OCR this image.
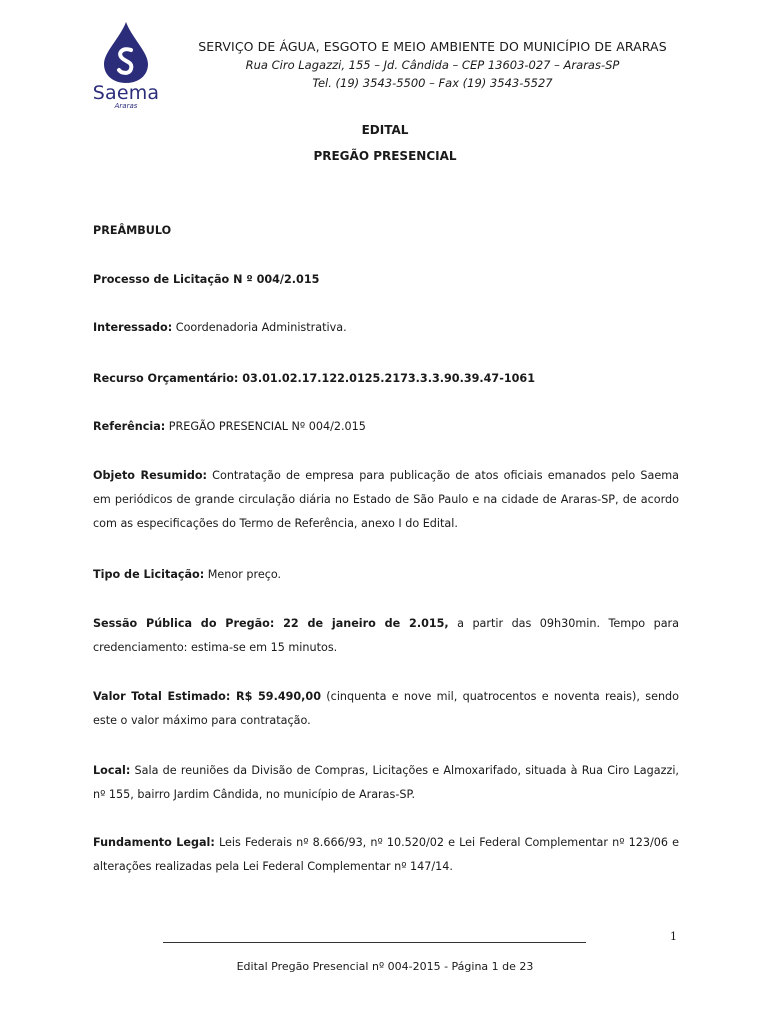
Saema
Araras
SERVIÇO DE ÁGUA, ESGOTO E MEIO AMBIENTE DO MUNICÍPIO DE ARARAS
Rua Ciro Lagazzi, 155 – Jd. Cândida – CEP 13603-027 – Araras-SP
Tel. (19) 3543-5500 – Fax (19) 3543-5527
EDITAL
PREGÃO PRESENCIAL
PREÂMBULO
Processo de Licitação N º 004/2.015
Interessado: Coordenadoria Administrativa.
Recurso Orçamentário: 03.01.02.17.122.0125.2173.3.3.90.39.47-1061
Referência: PREGÃO PRESENCIAL Nº 004/2.015
Objeto Resumido: Contratação de empresa para publicação de atos oficiais emanados pelo Saema em periódicos de grande circulação diária no Estado de São Paulo e na cidade de Araras-SP, de acordo com as especificações do Termo de Referência, anexo I do Edital.
Tipo de Licitação: Menor preço.
Sessão Pública do Pregão: 22 de janeiro de 2.015, a partir das 09h30min. Tempo para credenciamento: estima-se em 15 minutos.
Valor Total Estimado: R$ 59.490,00 (cinquenta e nove mil, quatrocentos e noventa reais), sendo este o valor máximo para contratação.
Local: Sala de reuniões da Divisão de Compras, Licitações e Almoxarifado, situada à Rua Ciro Lagazzi, nº 155, bairro Jardim Cândida, no município de Araras-SP.
Fundamento Legal: Leis Federais nº 8.666/93, nº 10.520/02 e Lei Federal Complementar nº 123/06 e alterações realizadas pela Lei Federal Complementar nº 147/14.
1
Edital Pregão Presencial nº 004-2015 - Página 1 de 23
